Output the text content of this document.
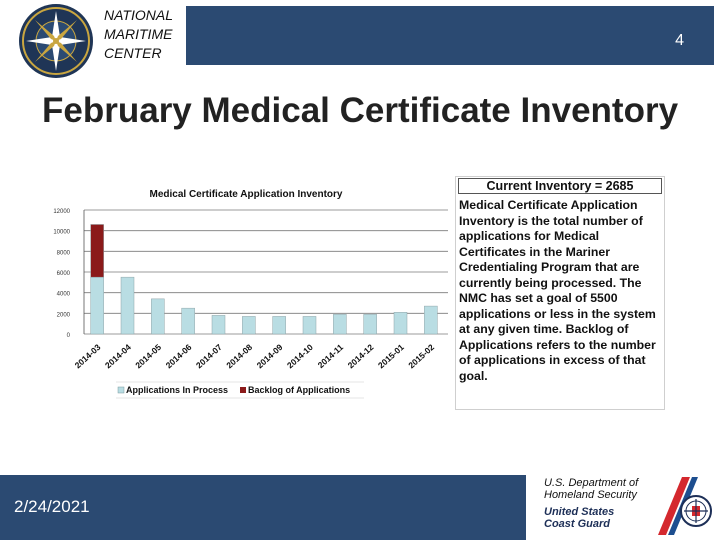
4
NATIONAL
MARITIME
CENTER
February Medical Certificate Inventory
Medical Certificate Application Inventory
12000
10000
8000
6000
4000
2000
0
2014-03 2014-04 2014-05 2014-06 2014-07 2014-08 2014-09 2014-10 2014-11 2014-12 2015-01 2015-02
Applications In Process Backlog of Applications
Current Inventory = 2685
Medical Certificate Application Inventory is the total number of applications for Medical Certificates in the Mariner Credentialing Program that are currently being processed. The NMC has set a goal of 5500 applications or less in the system at any given time. Backlog of Applications refers to the number of applications in excess of that goal.
2/24/2021
U.S. Department of
Homeland Security
United States
Coast Guard
